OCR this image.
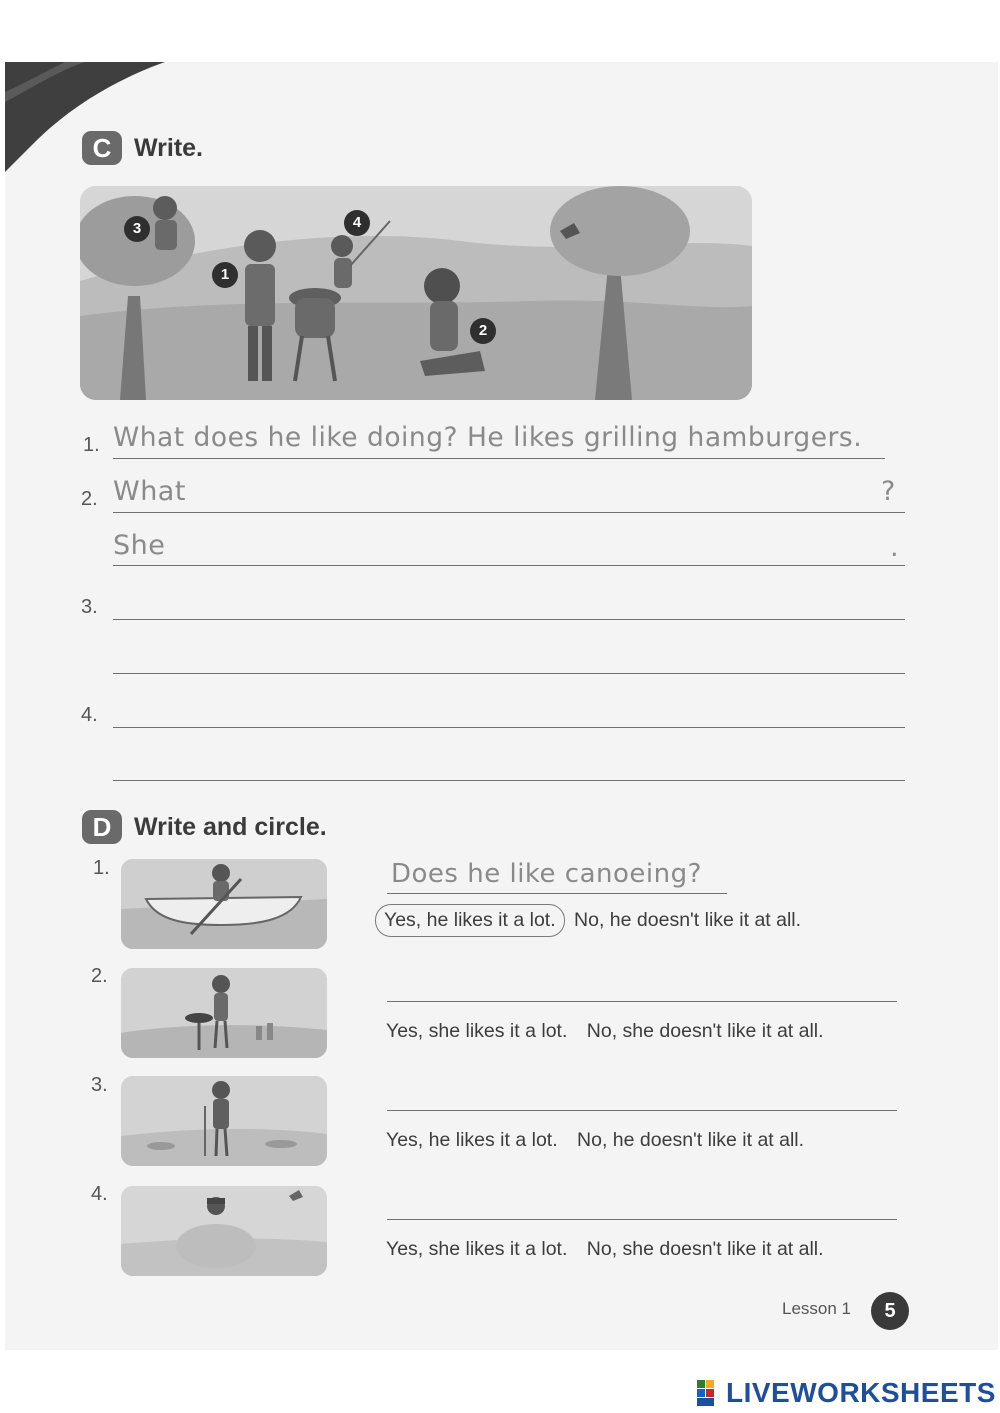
C Write.
3	4
1
2
1. What does he like doing? He likes grilling hamburgers.
2. What	?
She	.
3.
4.
D Write and circle.
1.	Does he like canoeing?
Yes, he likes it a lot. No, he doesn't like it at all.
2.
Yes, she likes it a lot. No, she doesn't like it at all.
3.
Yes, he likes it a lot. No, he doesn't like it at all.
4.
Yes, she likes it a lot. No, she doesn't like it at all.
Lesson 1	5
LIVEWORKSHEETS
